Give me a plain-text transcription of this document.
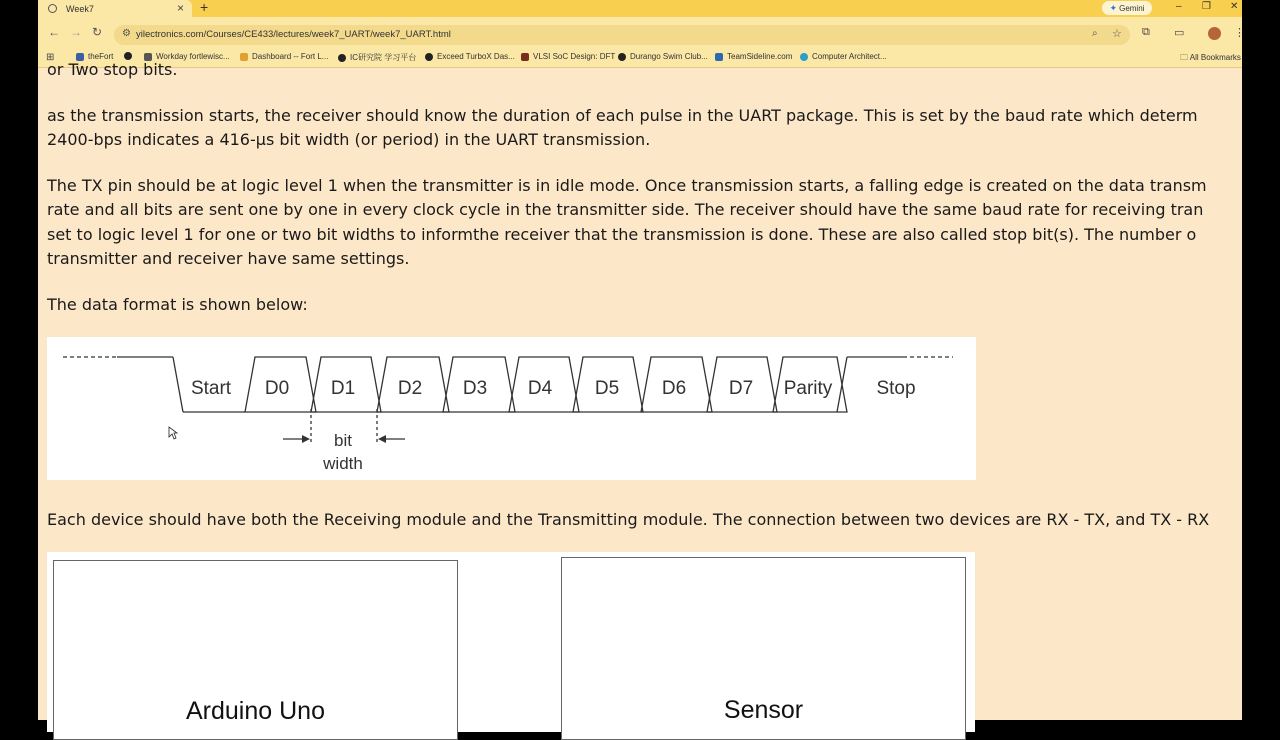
Week7	× +	✦ Gemini	– ❐ ✕
← → ↻ ⚙ yilectronics.com/Courses/CE433/lectures/week7_UART/week7_UART.html	⌕ ☆ ⧉ ▭	⋮
⊞	theFort	Workday fortlewisc...	Dashboard -- Fort L...	IC研究院 学习平台	Exceed TurboX Das... VLSI SoC Design: DFT Durango Swim Club... TeamSideline.com Computer Architect...	🗀 All Bookmarks
or Two stop bits.
as the transmission starts, the receiver should know the duration of each pulse in the UART package. This is set by the baud rate which determ
2400-bps indicates a 416-μs bit width (or period) in the UART transmission.
The TX pin should be at logic level 1 when the transmitter is in idle mode. Once transmission starts, a falling edge is created on the data transm
rate and all bits are sent one by one in every clock cycle in the transmitter side. The receiver should have the same baud rate for receiving tran
set to logic level 1 for one or two bit widths to informthe receiver that the transmission is done. These are also called stop bit(s). The number o
transmitter and receiver have same settings.
The data format is shown below:
Start D0 D1 D2 D3 D4 D5 D6 D7 Parity Stop
bit
width
Each device should have both the Receiving module and the Transmitting module. The connection between two devices are RX - TX, and TX - RX
Arduino Uno	Sensor
